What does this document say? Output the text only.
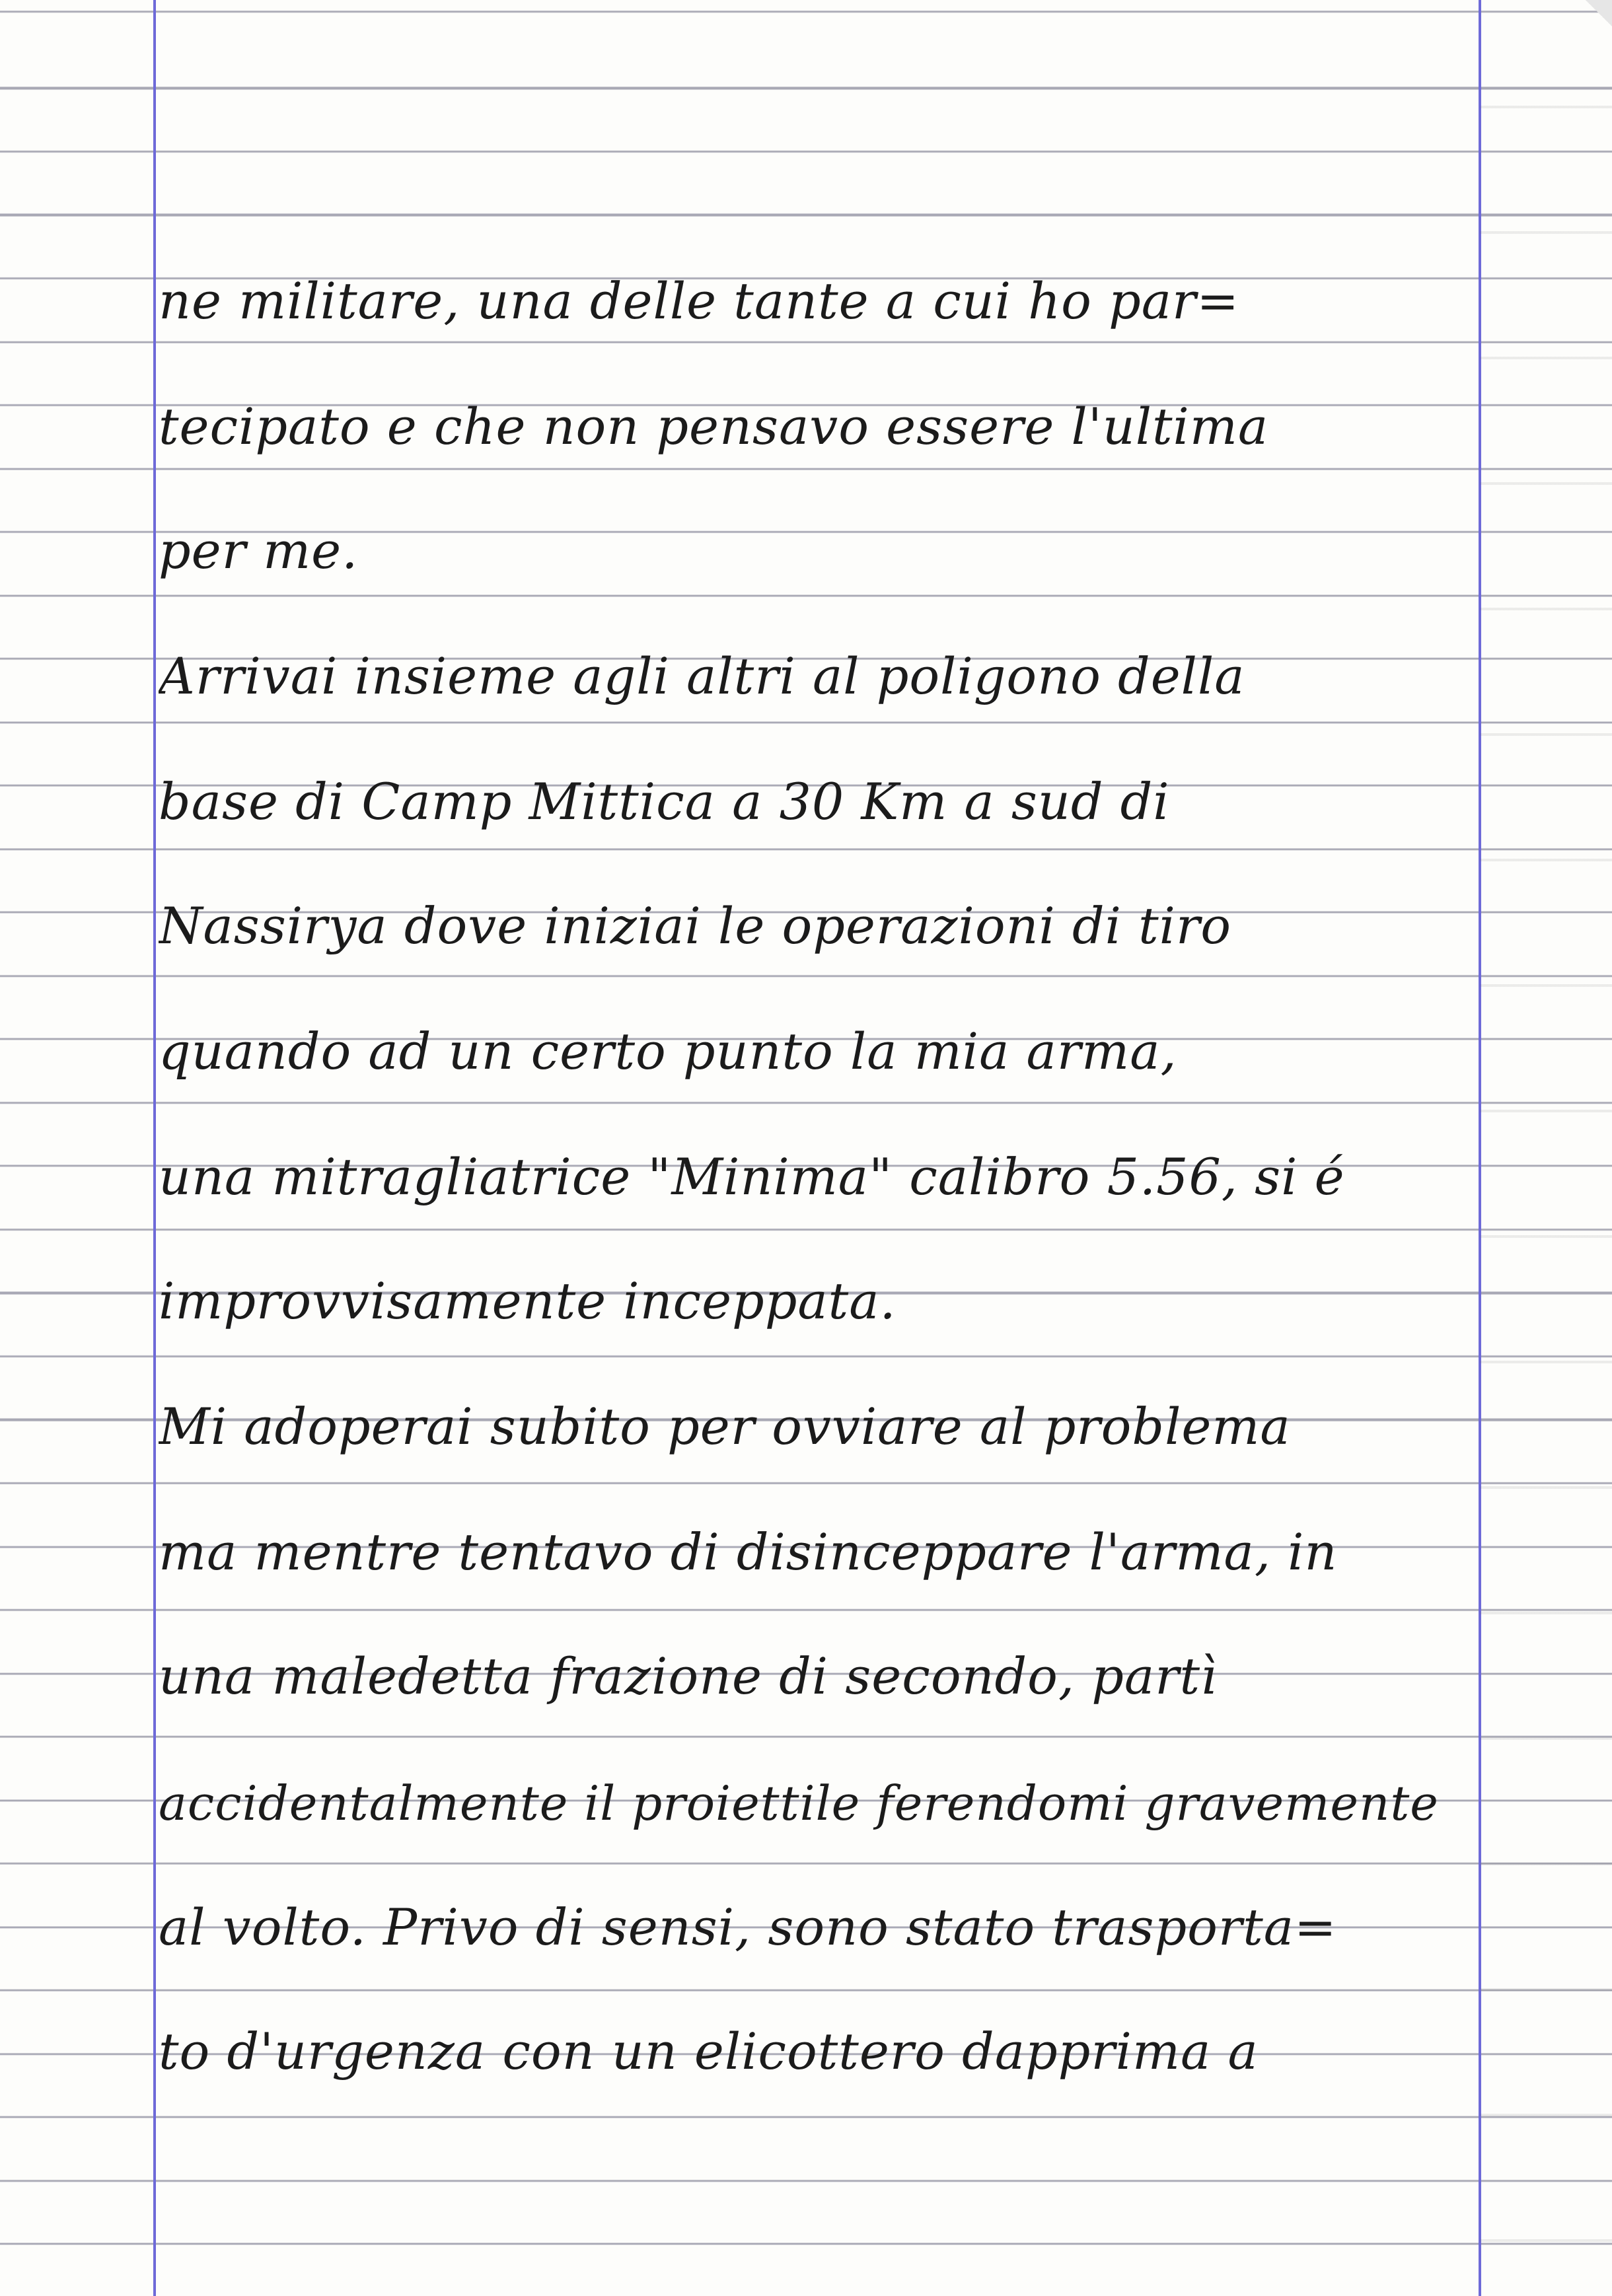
ne militare, una delle tante a cui ho par=
tecipato e che non pensavo essere l'ultima
per me.
Arrivai insieme agli altri al poligono della
base di Camp Mittica a 30 Km a sud di
Nassirya dove iniziai le operazioni di tiro
quando ad un certo punto la mia arma,
una mitragliatrice "Minima" calibro 5.56, si é
improvvisamente inceppata.
Mi adoperai subito per ovviare al problema
ma mentre tentavo di disinceppare l'arma, in
una maledetta frazione di secondo, partì
accidentalmente il proiettile ferendomi gravemente
al volto. Privo di sensi, sono stato trasporta=
to d'urgenza con un elicottero dapprima a
